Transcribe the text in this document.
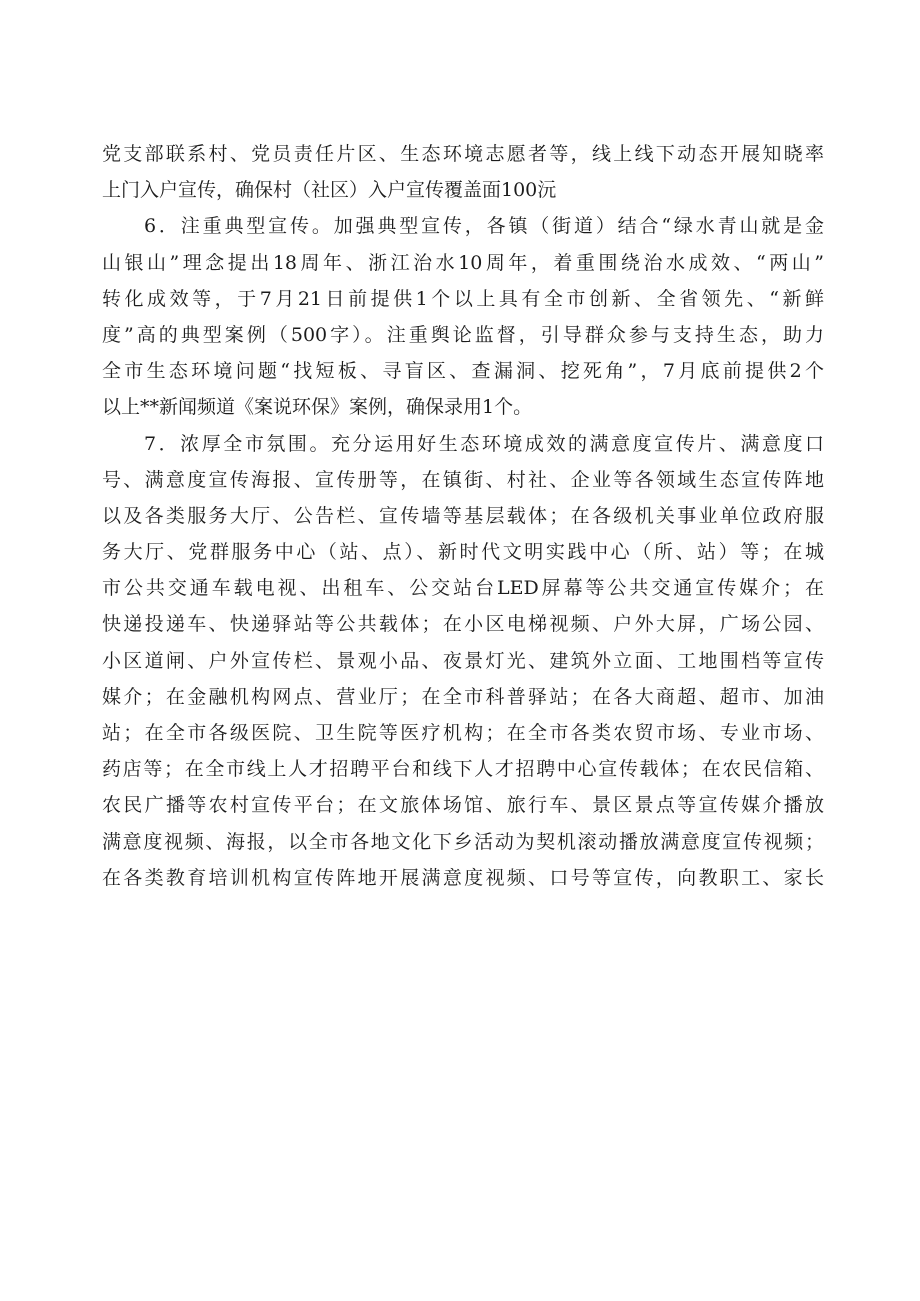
党支部联系村、党员责任片区、生态环境志愿者等，线上线下动态开展知晓率
上门入户宣传，确保村（社区）入户宣传覆盖面100沅
6．注重典型宣传。加强典型宣传，各镇（街道）结合“绿水青山就是金
山银山”理念提出18周年、浙江治水10周年，着重围绕治水成效、“两山”
转化成效等，于7月21日前提供1个以上具有全市创新、全省领先、“新鲜
度”高的典型案例（500字）。注重舆论监督，引导群众参与支持生态，助力
全市生态环境问题“找短板、寻盲区、查漏洞、挖死角”，7月底前提供2个
以上**新闻频道《案说环保》案例，确保录用1个。
7．浓厚全市氛围。充分运用好生态环境成效的满意度宣传片、满意度口
号、满意度宣传海报、宣传册等，在镇街、村社、企业等各领域生态宣传阵地
以及各类服务大厅、公告栏、宣传墙等基层载体；在各级机关事业单位政府服
务大厅、党群服务中心（站、点）、新时代文明实践中心（所、站）等；在城
市公共交通车载电视、出租车、公交站台LED屏幕等公共交通宣传媒介；在
快递投递车、快递驿站等公共载体；在小区电梯视频、户外大屏，广场公园、
小区道闸、户外宣传栏、景观小品、夜景灯光、建筑外立面、工地围档等宣传
媒介；在金融机构网点、营业厅；在全市科普驿站；在各大商超、超市、加油
站；在全市各级医院、卫生院等医疗机构；在全市各类农贸市场、专业市场、
药店等；在全市线上人才招聘平台和线下人才招聘中心宣传载体；在农民信箱、
农民广播等农村宣传平台；在文旅体场馆、旅行车、景区景点等宣传媒介播放
满意度视频、海报，以全市各地文化下乡活动为契机滚动播放满意度宣传视频；
在各类教育培训机构宣传阵地开展满意度视频、口号等宣传，向教职工、家长
